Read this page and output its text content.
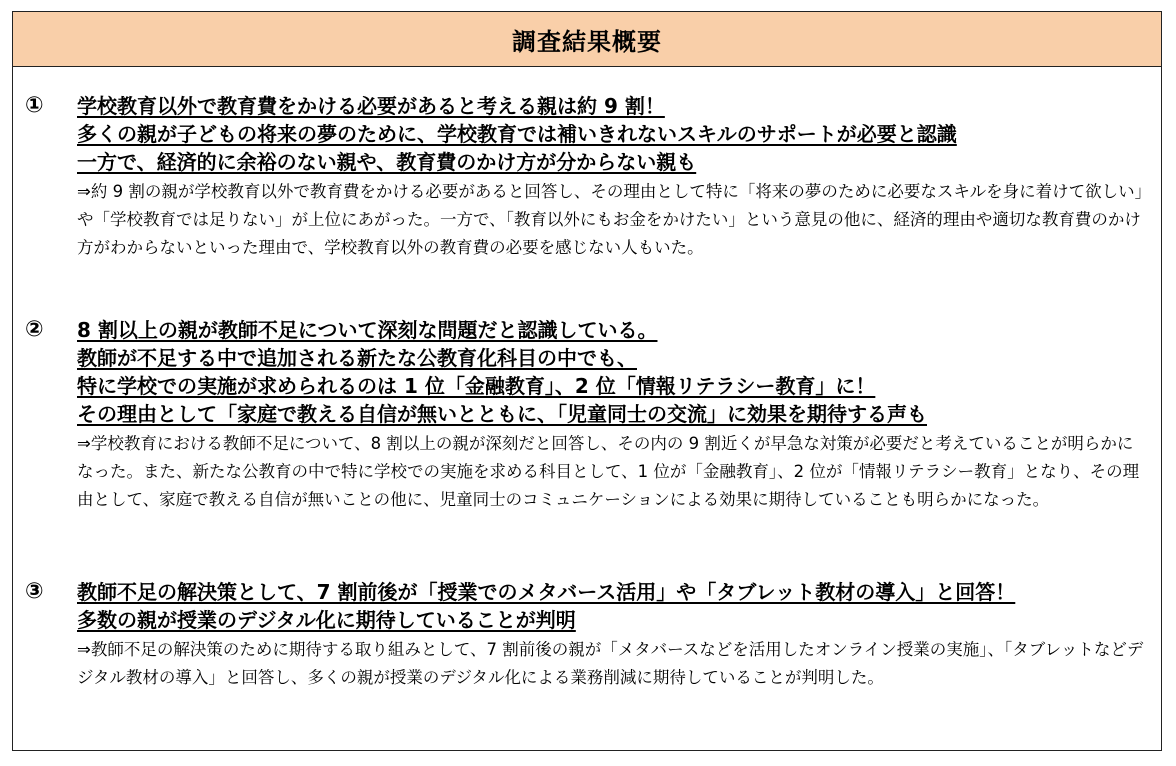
調査結果概要
① 学校教育以外で教育費をかける必要があると考える親は約 9 割！
多くの親が子どもの将来の夢のために、学校教育では補いきれないスキルのサポートが必要と認識
一方で、経済的に余裕のない親や、教育費のかけ方が分からない親も
⇒約 9 割の親が学校教育以外で教育費をかける必要があると回答し、その理由として特に「将来の夢のために必要なスキルを身に着けて欲しい」や「学校教育では足りない」が上位にあがった。一方で、「教育以外にもお金をかけたい」という意見の他に、経済的理由や適切な教育費のかけ方がわからないといった理由で、学校教育以外の教育費の必要を感じない人もいた。
② 8 割以上の親が教師不足について深刻な問題だと認識している。
教師が不足する中で追加される新たな公教育化科目の中でも、
特に学校での実施が求められるのは 1 位「金融教育」、2 位「情報リテラシー教育」に！
その理由として「家庭で教える自信が無いとともに、「児童同士の交流」に効果を期待する声も
⇒学校教育における教師不足について、8 割以上の親が深刻だと回答し、その内の 9 割近くが早急な対策が必要だと考えていることが明らかになった。また、新たな公教育の中で特に学校での実施を求める科目として、1 位が「金融教育」、2 位が「情報リテラシー教育」となり、その理由として、家庭で教える自信が無いことの他に、児童同士のコミュニケーションによる効果に期待していることも明らかになった。
③ 教師不足の解決策として、7 割前後が「授業でのメタバース活用」や「タブレット教材の導入」と回答！
多数の親が授業のデジタル化に期待していることが判明
⇒教師不足の解決策のために期待する取り組みとして、7 割前後の親が「メタバースなどを活用したオンライン授業の実施」、「タブレットなどデジタル教材の導入」と回答し、多くの親が授業のデジタル化による業務削減に期待していることが判明した。
